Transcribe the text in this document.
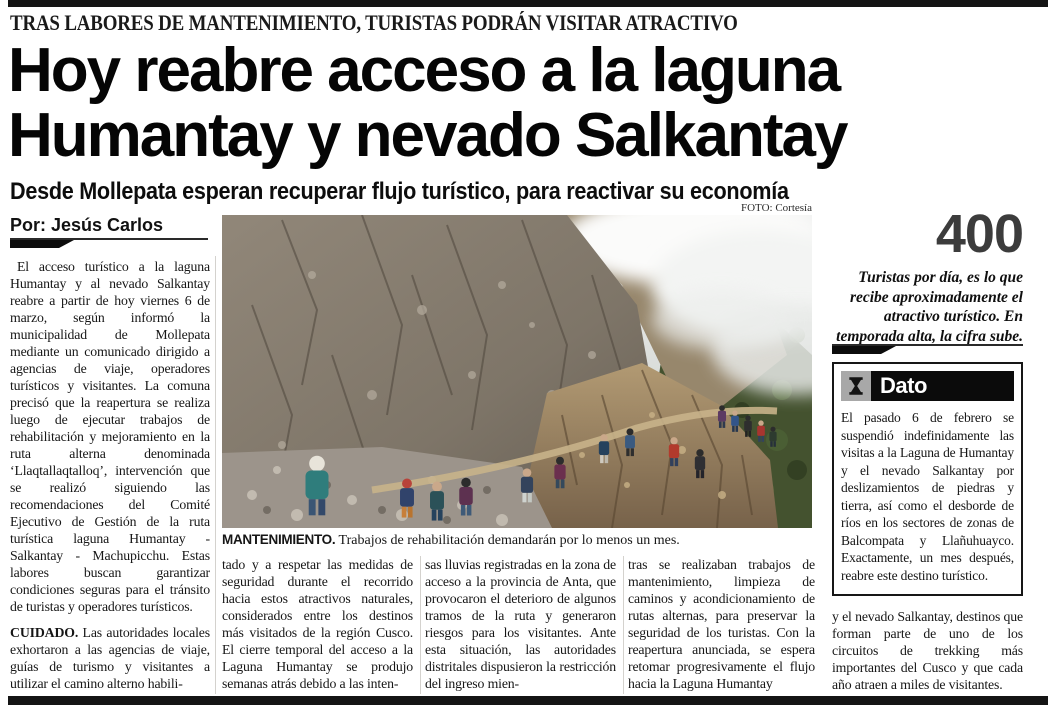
TRAS LABORES DE MANTENIMIENTO, TURISTAS PODRÁN VISITAR ATRACTIVO
Hoy reabre acceso a la laguna Humantay y nevado Salkantay
Desde Mollepata esperan recuperar flujo turístico, para reactivar su economía
Por: Jesús Carlos

El acceso turístico a la laguna Humantay y al nevado Salkantay reabre a partir de hoy viernes 6 de marzo, según informó la municipalidad de Mollepata mediante un comunicado dirigido a agencias de viaje, operadores turísticos y visitantes. La comuna precisó que la reapertura se realiza luego de ejecutar trabajos de rehabilitación y mejoramiento en la ruta alterna denominada ‘Llaqtallaqtalloq’, intervención que se realizó siguiendo las recomendaciones del Comité Ejecutivo de Gestión de la ruta turística laguna Humantay - Salkantay - Machupicchu. Estas labores buscan garantizar condiciones seguras para el tránsito de turistas y operadores turísticos.

CUIDADO. Las autoridades locales exhortaron a las agencias de viaje, guías de turismo y visitantes a utilizar el camino alterno habili-

FOTO: Cortesía
MANTENIMIENTO. Trabajos de rehabilitación demandarán por lo menos un mes.
tado y a respetar las medidas de seguridad durante el recorrido hacia estos atractivos naturales, considerados entre los destinos más visitados de la región Cusco. El cierre temporal del acceso a la Laguna Humantay se produjo semanas atrás debido a las inten-
sas lluvias registradas en la zona de acceso a la provincia de Anta, que provocaron el deterioro de algunos tramos de la ruta y generaron riesgos para los visitantes. Ante esta situación, las autoridades distritales dispusieron la restricción del ingreso mien-
tras se realizaban trabajos de mantenimiento, limpieza de caminos y acondicionamiento de rutas alternas, para preservar la seguridad de los turistas. Con la reapertura anunciada, se espera retomar progresivamente el flujo hacia la Laguna Humantay
400
Turistas por día, es lo que recibe aproximadamente el atractivo turístico. En temporada alta, la cifra sube.
Dato
El pasado 6 de febrero se suspendió indefinidamente las visitas a la Laguna de Humantay y el nevado Salkantay por deslizamientos de piedras y tierra, así como el desborde de ríos en los sectores de zonas de Balcompata y Llañuhuayco. Exactamente, un mes después, reabre este destino turístico.
y el nevado Salkantay, destinos que forman parte de uno de los circuitos de trekking más importantes del Cusco y que cada año atraen a miles de visitantes.
